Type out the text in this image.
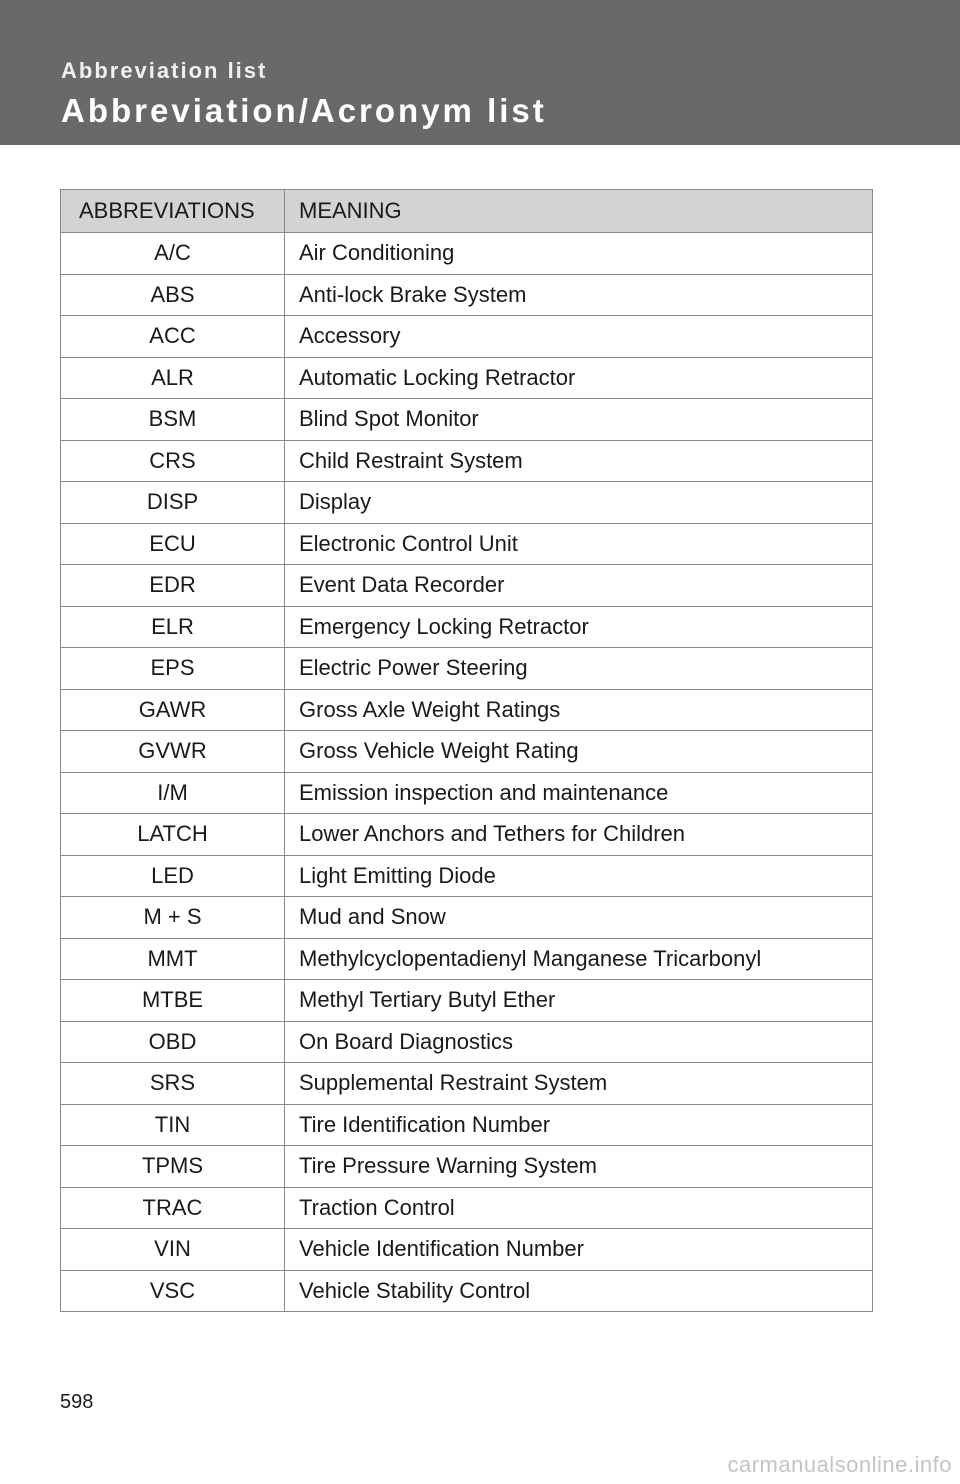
Abbreviation list
Abbreviation/Acronym list
ABBREVIATIONS	MEANING
A/C	Air Conditioning
ABS	Anti-lock Brake System
ACC	Accessory
ALR	Automatic Locking Retractor
BSM	Blind Spot Monitor
CRS	Child Restraint System
DISP	Display
ECU	Electronic Control Unit
EDR	Event Data Recorder
ELR	Emergency Locking Retractor
EPS	Electric Power Steering
GAWR	Gross Axle Weight Ratings
GVWR	Gross Vehicle Weight Rating
I/M	Emission inspection and maintenance
LATCH	Lower Anchors and Tethers for Children
LED	Light Emitting Diode
M + S	Mud and Snow
MMT	Methylcyclopentadienyl Manganese Tricarbonyl
MTBE	Methyl Tertiary Butyl Ether
OBD	On Board Diagnostics
SRS	Supplemental Restraint System
TIN	Tire Identification Number
TPMS	Tire Pressure Warning System
TRAC	Traction Control
VIN	Vehicle Identification Number
VSC	Vehicle Stability Control
598
carmanualsonline.info
